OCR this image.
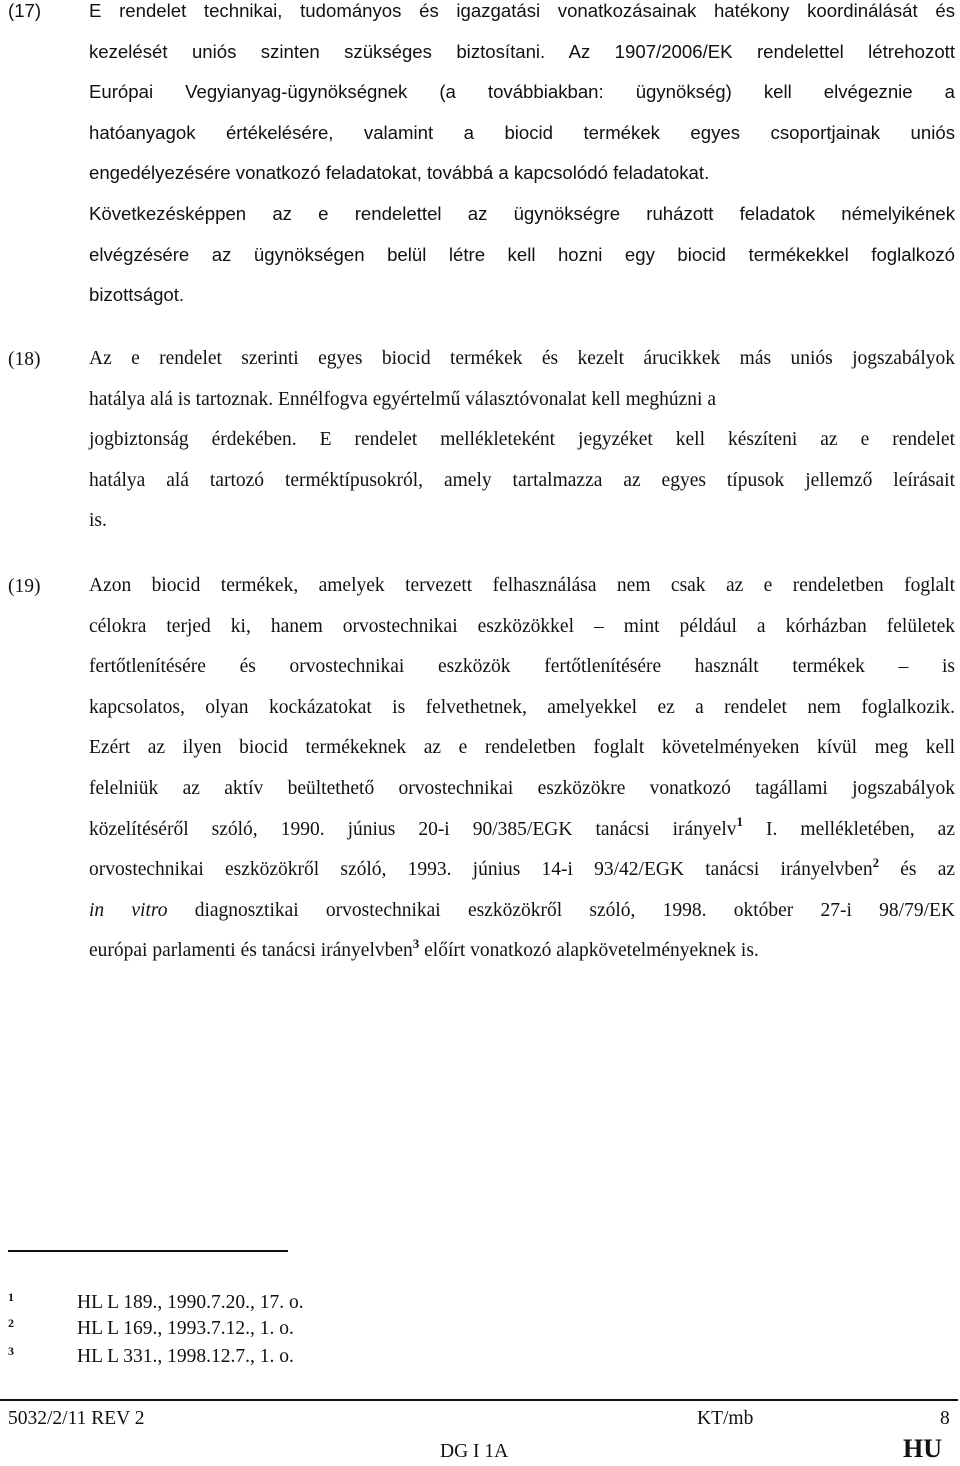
(17)	E rendelet technikai, tudományos és igazgatási vonatkozásainak hatékony koordinálását és
kezelését uniós szinten szükséges biztosítani. Az 1907/2006/EK rendelettel létrehozott
Európai Vegyianyag-ügynökségnek (a továbbiakban: ügynökség) kell elvégeznie a
hatóanyagok értékelésére, valamint a biocid termékek egyes csoportjainak uniós
engedélyezésére vonatkozó feladatokat, továbbá a kapcsolódó feladatokat.
Következésképpen az e rendelettel az ügynökségre ruházott feladatok némelyikének
elvégzésére az ügynökségen belül létre kell hozni egy biocid termékekkel foglalkozó
bizottságot.
(18) Az e rendelet szerinti egyes biocid termékek és kezelt árucikkek más uniós jogszabályok
hatálya alá is tartoznak. Ennélfogva egyértelmű választóvonalat kell meghúzni a
jogbiztonság érdekében. E rendelet mellékleteként jegyzéket kell készíteni az e rendelet
hatálya alá tartozó terméktípusokról, amely tartalmazza az egyes típusok jellemző leírásait
is.
(19) Azon biocid termékek, amelyek tervezett felhasználása nem csak az e rendeletben foglalt
célokra terjed ki, hanem orvostechnikai eszközökkel – mint például a kórházban felületek
fertőtlenítésére és orvostechnikai eszközök fertőtlenítésére használt termékek – is
kapcsolatos, olyan kockázatokat is felvethetnek, amelyekkel ez a rendelet nem foglalkozik.
Ezért az ilyen biocid termékeknek az e rendeletben foglalt követelményeken kívül meg kell
felelniük az aktív beültethető orvostechnikai eszközökre vonatkozó tagállami jogszabályok
közelítéséről szóló, 1990. június 20-i 90/385/EGK tanácsi irányelv$^1$ I. mellékletében, az
orvostechnikai eszközökről szóló, 1993. június 14-i 93/42/EGK tanácsi irányelvben$^2$ és az
in vitro diagnosztikai orvostechnikai eszközökről szóló, 1998. október 27-i 98/79/EK
európai parlamenti és tanácsi irányelvben$^3$ előírt vonatkozó alapkövetelményeknek is.
1	HL L 189., 1990.7.20., 17. o.
2	HL L 169., 1993.7.12., 1. o.
3	HL L 331., 1998.12.7., 1. o.
5032/2/11 REV 2	KT/mb	8
DG I 1A	HU
